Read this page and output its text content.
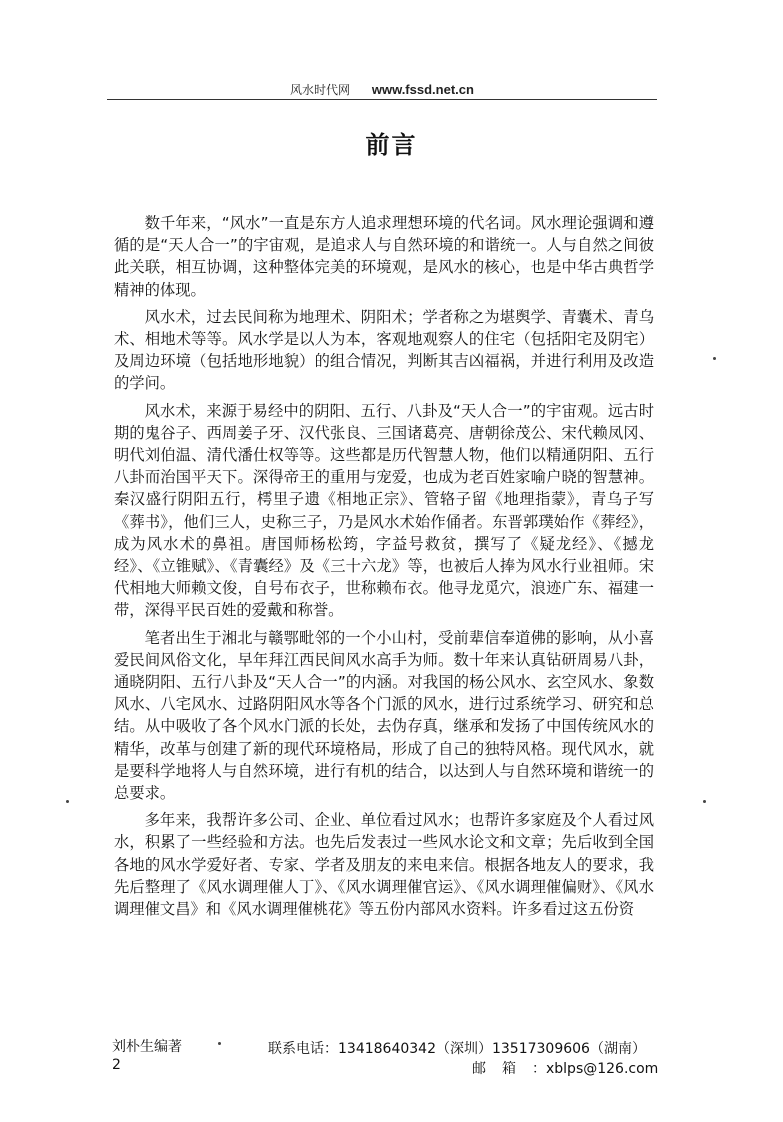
风水时代网 www.fssd.net.cn
前言

数千年来，“风水”一直是东方人追求理想环境的代名词。风水理论强调和遵循的是“天人合一”的宇宙观，是追求人与自然环境的和谐统一。人与自然之间彼此关联，相互协调，这种整体完美的环境观，是风水的核心，也是中华古典哲学精神的体现。

风水术，过去民间称为地理术、阴阳术；学者称之为堪舆学、青囊术、青乌术、相地术等等。风水学是以人为本，客观地观察人的住宅（包括阳宅及阴宅）及周边环境（包括地形地貌）的组合情况，判断其吉凶福祸，并进行利用及改造的学问。

风水术，来源于易经中的阴阳、五行、八卦及“天人合一”的宇宙观。远古时期的鬼谷子、西周姜子牙、汉代张良、三国诸葛亮、唐朝徐茂公、宋代赖凤冈、明代刘伯温、清代潘仕权等等。这些都是历代智慧人物，他们以精通阴阳、五行八卦而治国平天下。深得帝王的重用与宠爱，也成为老百姓家喻户晓的智慧神。秦汉盛行阴阳五行，樗里子遗《相地正宗》、管辂子留《地理指蒙》，青乌子写《葬书》，他们三人，史称三子，乃是风水术始作俑者。东晋郭璞始作《葬经》，成为风水术的鼻祖。唐国师杨松筠，字益号救贫，撰写了《疑龙经》、《撼龙经》、《立锥赋》、《青囊经》及《三十六龙》等，也被后人捧为风水行业祖师。宋代相地大师赖文俊，自号布衣子，世称赖布衣。他寻龙觅穴，浪迹广东、福建一带，深得平民百姓的爱戴和称誉。

笔者出生于湘北与赣鄂毗邻的一个小山村，受前辈信奉道佛的影响，从小喜爱民间风俗文化，早年拜江西民间风水高手为师。数十年来认真钻研周易八卦，通晓阴阳、五行八卦及“天人合一”的内涵。对我国的杨公风水、玄空风水、象数风水、八宅风水、过路阴阳风水等各个门派的风水，进行过系统学习、研究和总结。从中吸收了各个风水门派的长处，去伪存真，继承和发扬了中国传统风水的精华，改革与创建了新的现代环境格局，形成了自己的独特风格。现代风水，就是要科学地将人与自然环境，进行有机的结合，以达到人与自然环境和谐统一的总要求。

多年来，我帮许多公司、企业、单位看过风水；也帮许多家庭及个人看过风水，积累了一些经验和方法。也先后发表过一些风水论文和文章；先后收到全国各地的风水学爱好者、专家、学者及朋友的来电来信。根据各地友人的要求，我先后整理了《风水调理催人丁》、《风水调理催官运》、《风水调理催偏财》、《风水调理催文昌》和《风水调理催桃花》等五份内部风水资料。许多看过这五份资

刘朴生编著
2
联系电话：13418640342（深圳）13517309606（湖南）
邮箱：xblps@126.com
